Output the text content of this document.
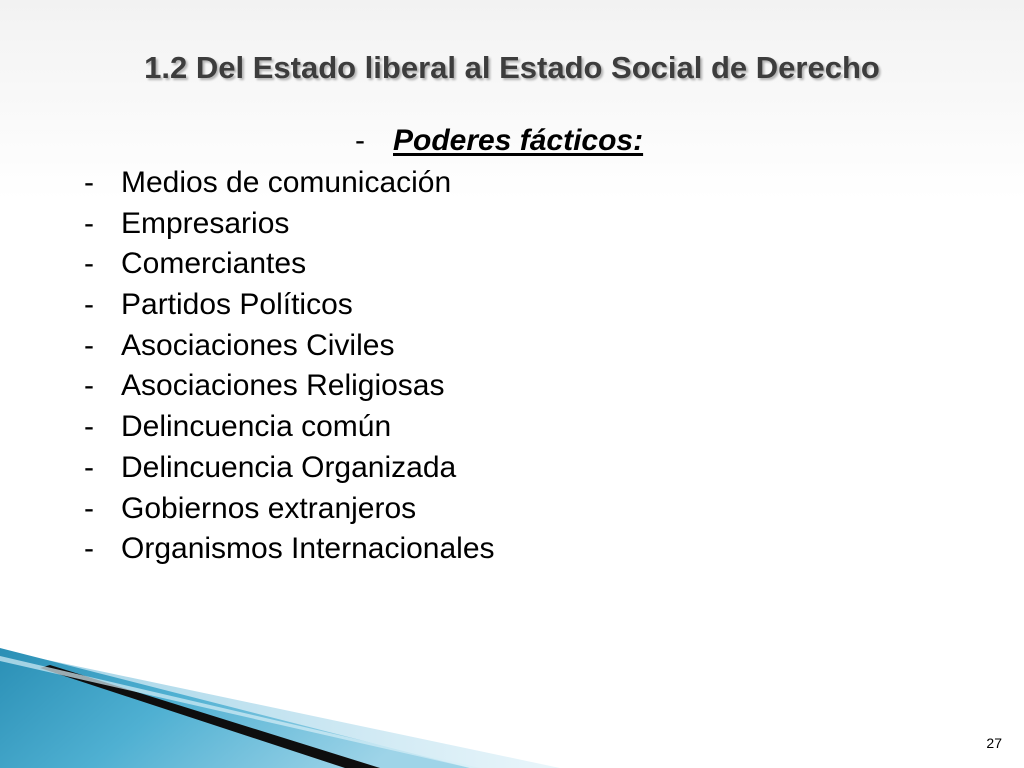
1.2 Del Estado liberal al Estado Social de Derecho
- Poderes fácticos:
- Medios de comunicación
- Empresarios
- Comerciantes
- Partidos Políticos
- Asociaciones Civiles
- Asociaciones Religiosas
- Delincuencia común
- Delincuencia Organizada
- Gobiernos extranjeros
- Organismos Internacionales
27
